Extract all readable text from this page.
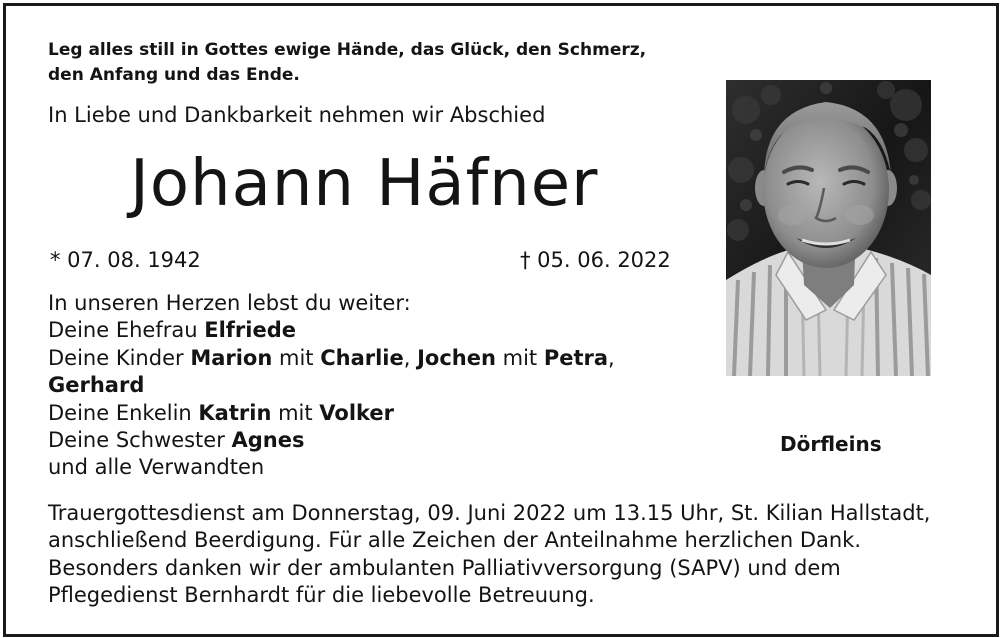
Leg alles still in Gottes ewige Hände, das Glück, den Schmerz,
den Anfang und das Ende.
In Liebe und Dankbarkeit nehmen wir Abschied
Johann Häfner
* 07. 08. 1942	† 05. 06. 2022
In unseren Herzen lebst du weiter:
Deine Ehefrau Elfriede
Deine Kinder Marion mit Charlie, Jochen mit Petra,
Gerhard
Deine Enkelin Katrin mit Volker
Deine Schwester Agnes
und alle Verwandten
Dörfleins
Trauergottesdienst am Donnerstag, 09. Juni 2022 um 13.15 Uhr, St. Kilian Hallstadt,
anschließend Beerdigung. Für alle Zeichen der Anteilnahme herzlichen Dank.
Besonders danken wir der ambulanten Palliativversorgung (SAPV) und dem
Pflegedienst Bernhardt für die liebevolle Betreuung.
